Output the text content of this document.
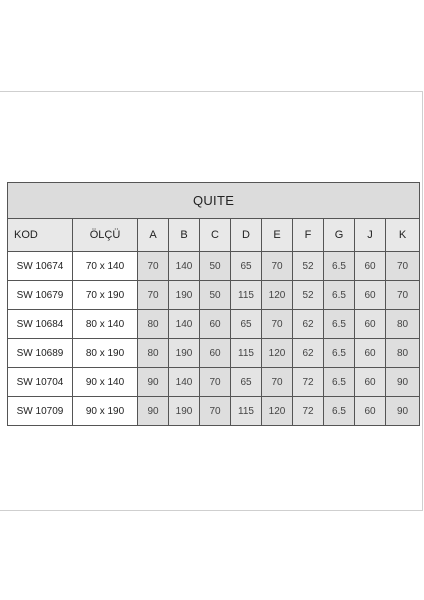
QUITE										
KOD	ÖLÇÜ	A	B	C	D	E	F	G	J	K
SW 10674	70 x 140	70	140	50	65	70	52	6.5	60	70
SW 10679	70 x 190	70	190	50	115	120	52	6.5	60	70
SW 10684	80 x 140	80	140	60	65	70	62	6.5	60	80
SW 10689	80 x 190	80	190	60	115	120	62	6.5	60	80
SW 10704	90 x 140	90	140	70	65	70	72	6.5	60	90
SW 10709	90 x 190	90	190	70	115	120	72	6.5	60	90
